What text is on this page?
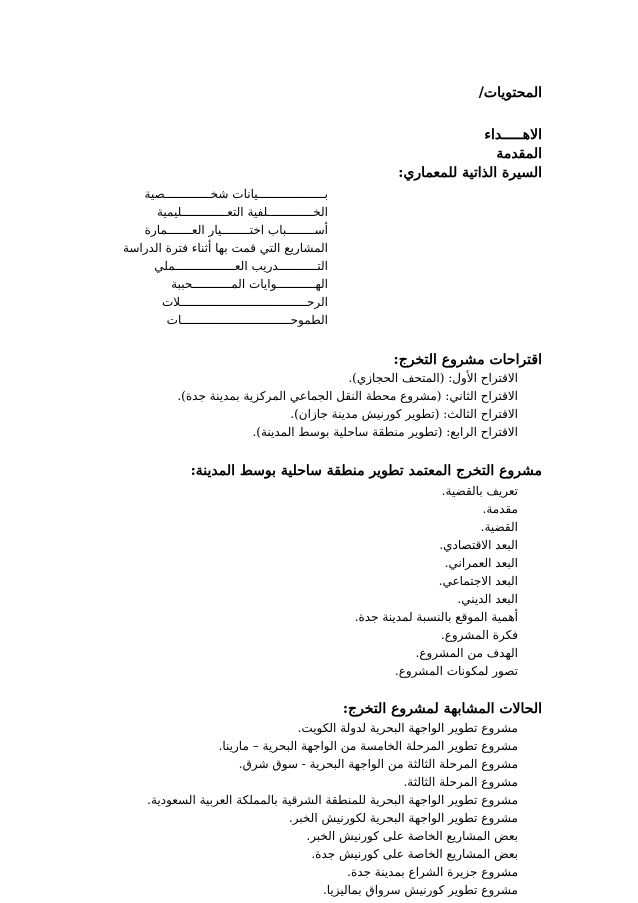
المحتويات/
الاهـــــداء
المقدمة
السيرة الذاتية للمعماري:
بـــــــــــــــــــيانات شخـــــــــــــصية
الخـــــــــــــلفية التعـــــــــــــليمية
أســــــــباب اختــــــــيار العـــــــمارة
المشاريع التي قمت بها أثناء فترة الدراسة
التـــــــــــدريب العـــــــــــــــــملي
الهـــــــــــوايات المـــــــــــحببة
الرحــــــــــــــــــــــــــــــــــــلات
الطموحـــــــــــــــــــــــــــــــات
اقتراحات مشروع التخرج:
الاقتراح الأول: (المتحف الحجازي).
الاقتراح الثاني: (مشروع محطة النقل الجماعي المركزية بمدينة جدة).
الاقتراح الثالث: (تطوير كورنيش مدينة جازان).
الاقتراح الرابع: (تطوير منطقة ساحلية بوسط المدينة).
مشروع التخرج المعتمد تطوير منطقة ساحلية بوسط المدينة:
تعريف بالقضية.
مقدمة.
القضية.
البعد الاقتصادي.
البعد العمراني.
البعد الاجتماعي.
البعد الديني.
أهمية الموقع بالنسبة لمدينة جدة.
فكرة المشروع.
الهدف من المشروع.
تصور لمكونات المشروع.
الحالات المشابهة لمشروع التخرج:
مشروع تطوير الواجهة البحرية لدولة الكويت.
مشروع تطوير المرحلة الخامسة من الواجهة البحرية – مارينا.
مشروع المرحلة الثالثة من الواجهة البحرية - سوق شرق.
مشروع المرحلة الثالثة.
مشروع تطوير الواجهة البحرية للمنطقة الشرقية بالمملكة العربية السعودية.
مشروع تطوير الواجهة البحرية لكورنيش الخبر.
بعض المشاريع الخاصة على كورنيش الخبر.
بعض المشاريع الخاصة على كورنيش جدة.
مشروع جزيرة الشراع بمدينة جدة.
مشروع تطوير كورنيش سرواق بماليزيا.
